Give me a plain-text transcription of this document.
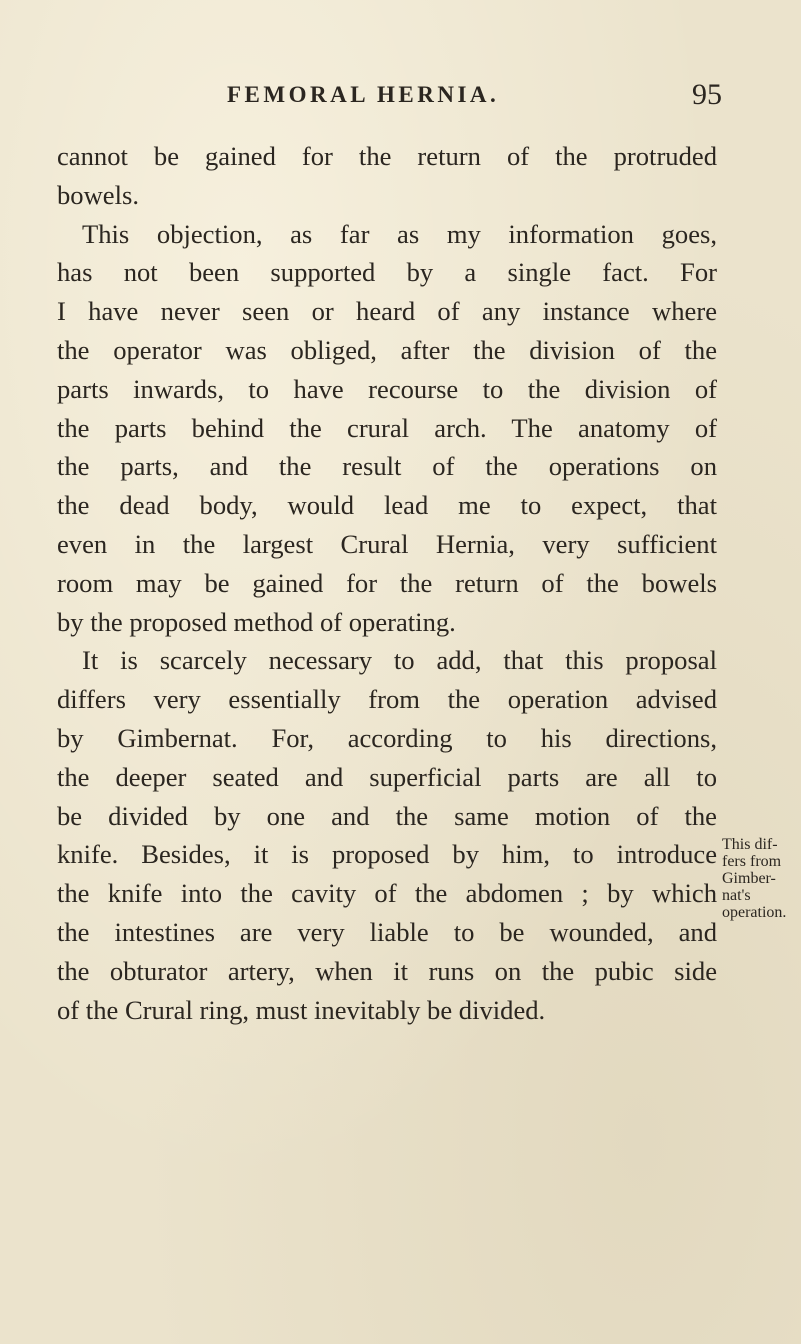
FEMORAL HERNIA.	95
cannot be gained for the return of the protruded
bowels.
This objection, as far as my information goes,
has not been supported by a single fact. For
I have never seen or heard of any instance where
the operator was obliged, after the division of the
parts inwards, to have recourse to the division of
the parts behind the crural arch. The anatomy of
the parts, and the result of the operations on
the dead body, would lead me to expect, that
even in the largest Crural Hernia, very sufficient
room may be gained for the return of the bowels
by the proposed method of operating.
It is scarcely necessary to add, that this proposal
differs very essentially from the operation advised
by Gimbernat. For, according to his directions,
the deeper seated and superficial parts are all to
be divided by one and the same motion of the
knife. Besides, it is proposed by him, to introduce
the knife into the cavity of the abdomen ; by which
the intestines are very liable to be wounded, and
the obturator artery, when it runs on the pubic side
of the Crural ring, must inevitably be divided.
This dif-
fers from
Gimber-
nat's
operation.
